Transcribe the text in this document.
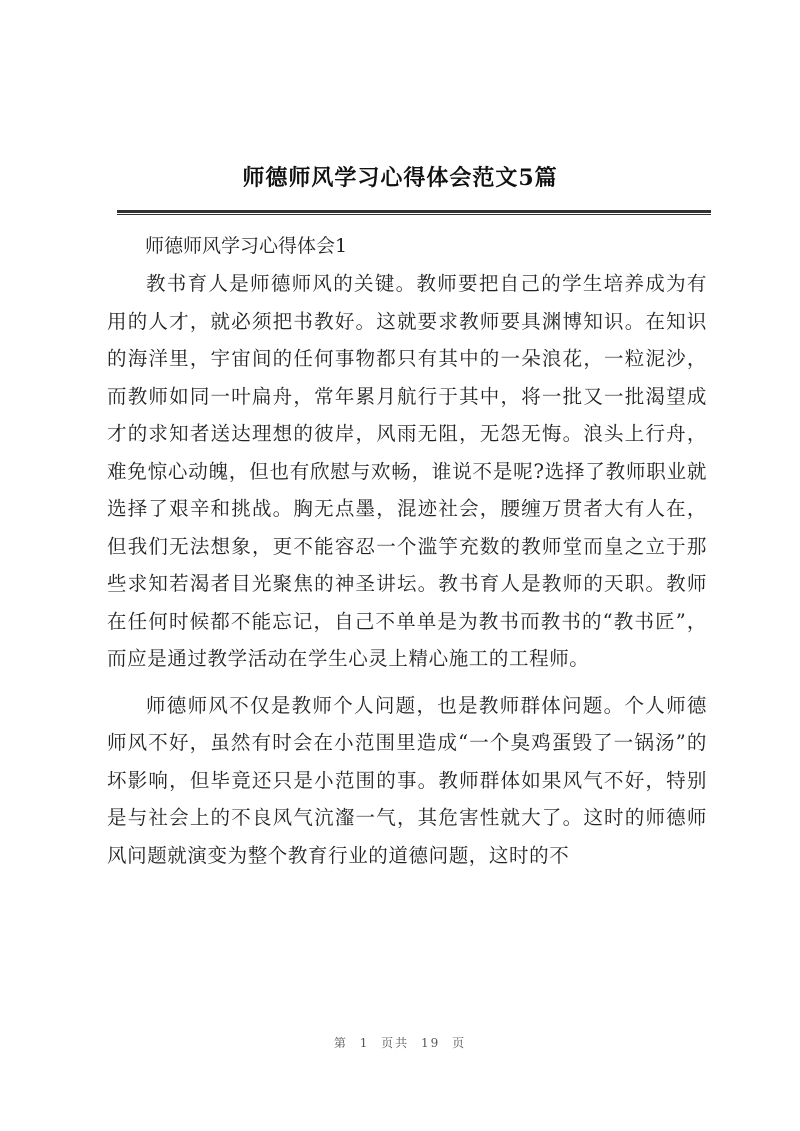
师德师风学习心得体会范文5篇

师德师风学习心得体会1

教书育人是师德师风的关键。教师要把自己的学生培养成为有用的人才，就必须把书教好。这就要求教师要具渊博知识。在知识的海洋里，宇宙间的任何事物都只有其中的一朵浪花，一粒泥沙，而教师如同一叶扁舟，常年累月航行于其中，将一批又一批渴望成才的求知者送达理想的彼岸，风雨无阻，无怨无悔。浪头上行舟，难免惊心动魄，但也有欣慰与欢畅，谁说不是呢?选择了教师职业就选择了艰辛和挑战。胸无点墨，混迹社会，腰缠万贯者大有人在，但我们无法想象，更不能容忍一个滥竽充数的教师堂而皇之立于那些求知若渴者目光聚焦的神圣讲坛。教书育人是教师的天职。教师在任何时候都不能忘记，自己不单单是为教书而教书的“教书匠”，而应是通过教学活动在学生心灵上精心施工的工程师。

师德师风不仅是教师个人问题，也是教师群体问题。个人师德师风不好，虽然有时会在小范围里造成“一个臭鸡蛋毁了一锅汤”的坏影响，但毕竟还只是小范围的事。教师群体如果风气不好，特别是与社会上的不良风气沆瀣一气，其危害性就大了。这时的师德师风问题就演变为整个教育行业的道德问题，这时的不

第 1 页共 19 页
